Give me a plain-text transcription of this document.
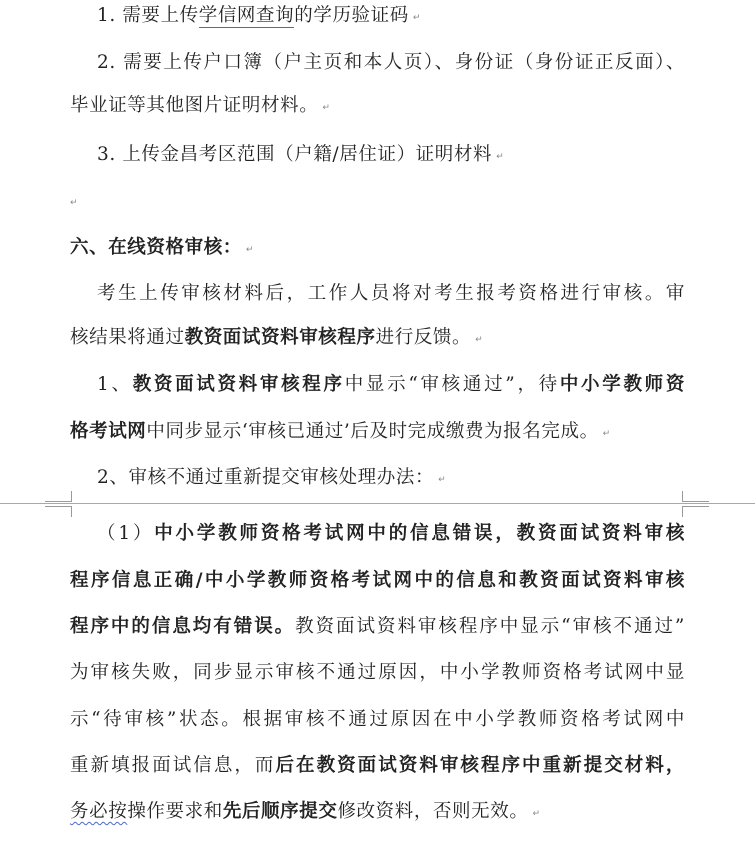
1. 需要上传学信网查询的学历验证码 ↵
2. 需要上传户口簿（户主页和本人页）、身份证（身份证正反面）、
毕业证等其他图片证明材料。 ↵
3. 上传金昌考区范围（户籍/居住证）证明材料 ↵
↵
六、在线资格审核： ↵
考生上传审核材料后，工作人员将对考生报考资格进行审核。审
核结果将通过教资面试资料审核程序进行反馈。 ↵
1、教资面试资料审核程序中显示“审核通过”，待中小学教师资
格考试网中同步显示‘审核已通过’后及时完成缴费为报名完成。 ↵
2、审核不通过重新提交审核处理办法： ↵
（1）中小学教师资格考试网中的信息错误，教资面试资料审核
程序信息正确/中小学教师资格考试网中的信息和教资面试资料审核
程序中的信息均有错误。教资面试资料审核程序中显示“审核不通过”
为审核失败，同步显示审核不通过原因，中小学教师资格考试网中显
示“待审核”状态。根据审核不通过原因在中小学教师资格考试网中
重新填报面试信息，而后在教资面试资料审核程序中重新提交材料，
务必按操作要求和先后顺序提交修改资料，否则无效。 ↵
